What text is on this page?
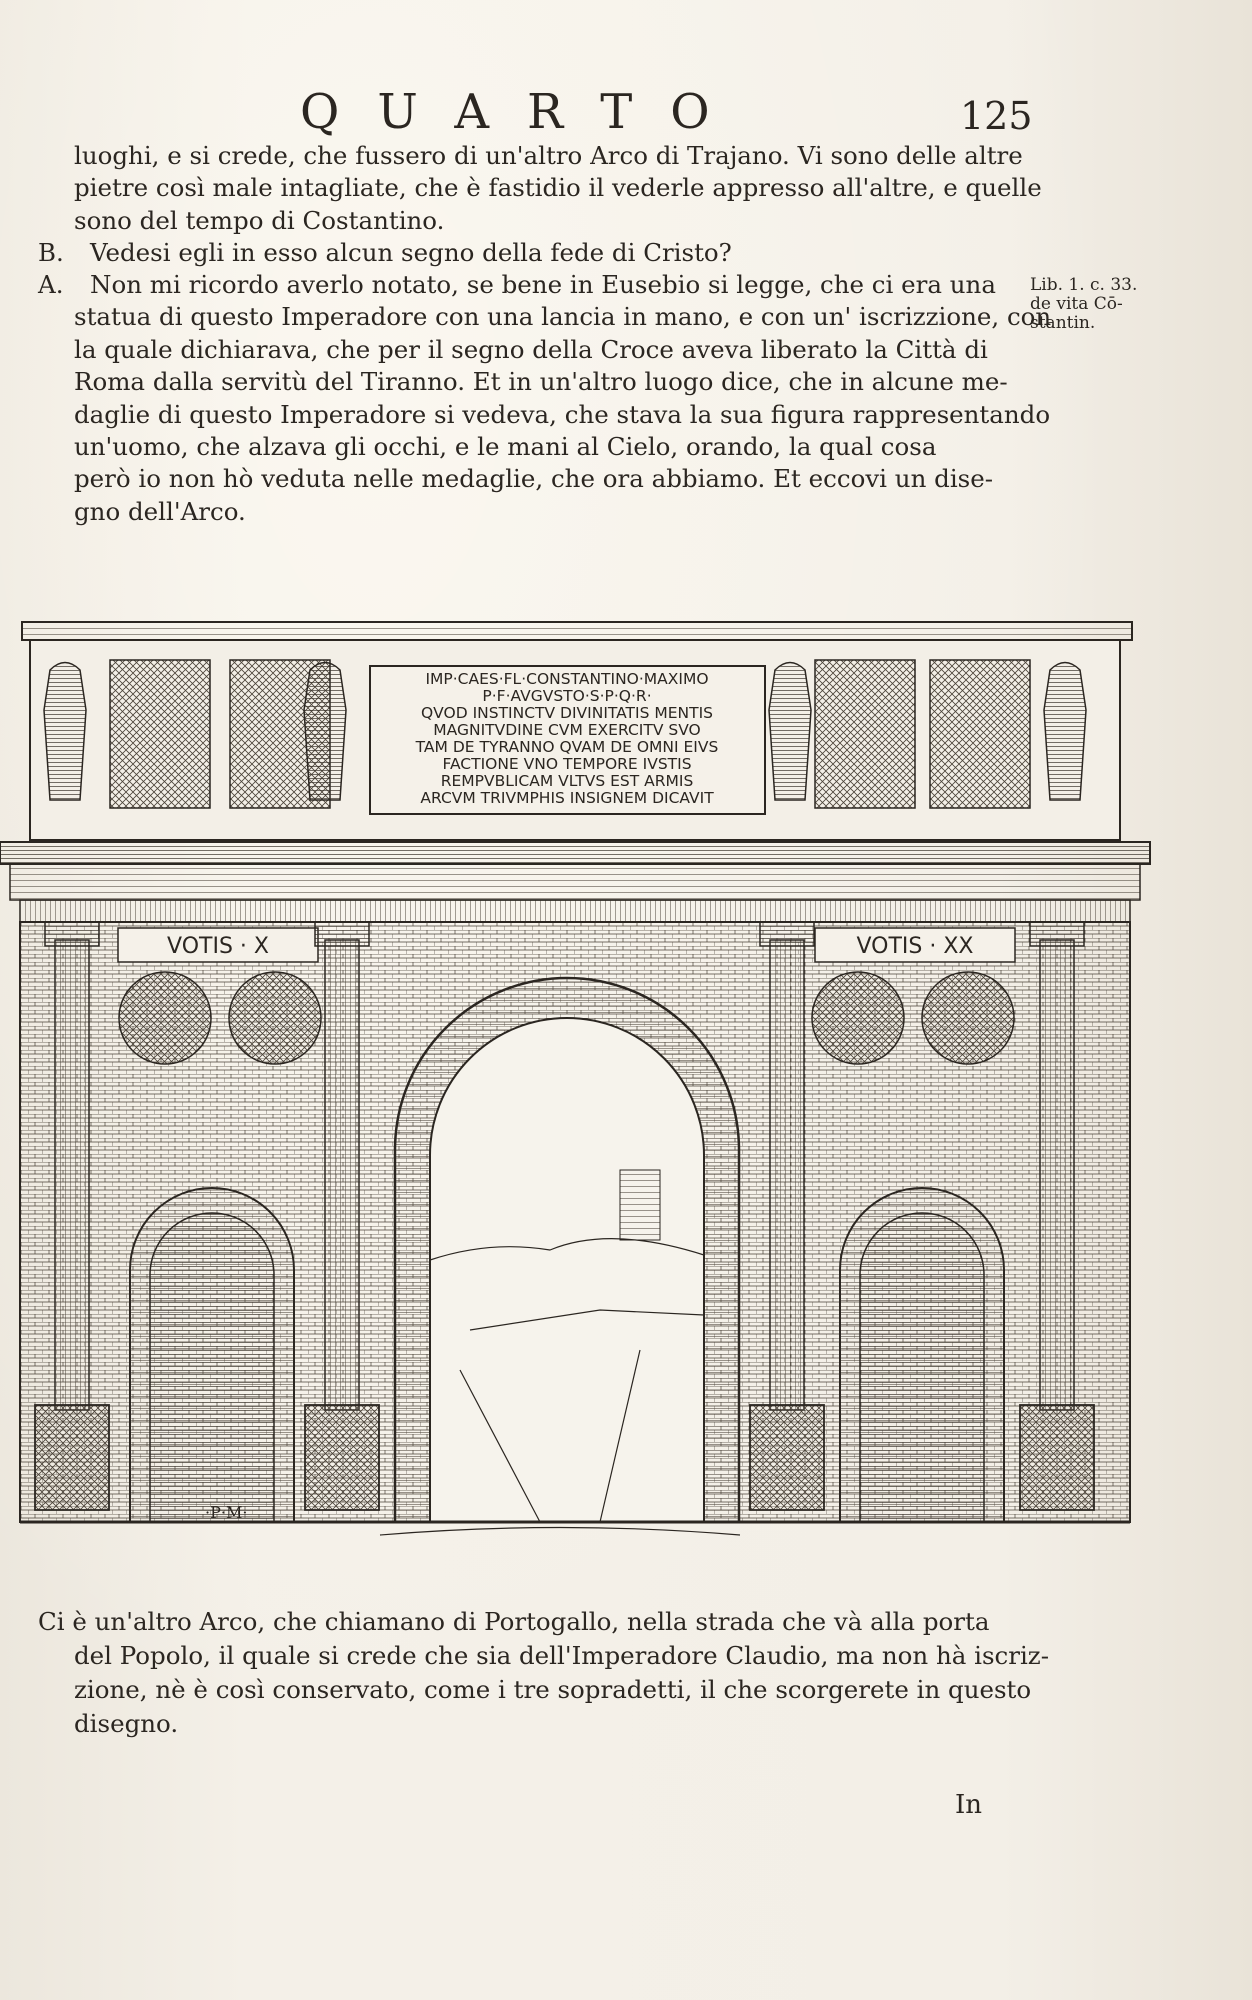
QUARTO	125
luoghi, e si crede, che fussero di un'altro Arco di Trajano. Vi sono delle altre
pietre così male intagliate, che è fastidio il vederle appresso all'altre, e quelle
sono del tempo di Costantino.
B. Vedesi egli in esso alcun segno della fede di Cristo?
A. Non mi ricordo averlo notato, se bene in Eusebio si legge, che ci era una
statua di questo Imperadore con una lancia in mano, e con un' iscrizzione, con
la quale dichiarava, che per il segno della Croce aveva liberato la Città di
Roma dalla servitù del Tiranno. Et in un'altro luogo dice, che in alcune me-
daglie di questo Imperadore si vedeva, che stava la sua figura rappresentando
un'uomo, che alzava gli occhi, e le mani al Cielo, orando, la qual cosa
però io non hò veduta nelle medaglie, che ora abbiamo. Et eccovi un dise-
gno dell'Arco.
Lib. 1. c. 33.
de vita Cō-
stantin.
IMP·CAES·FL·CONSTANTINO·MAXIMO
P·F·AVGVSTO·S·P·Q·R·
QVOD INSTINCTV DIVINITATIS MENTIS
MAGNITVDINE CVM EXERCITV SVO
TAM DE TYRANNO QVAM DE OMNI EIVS
FACTIONE VNO TEMPORE IVSTIS
REMPVBLICAM VLTVS EST ARMIS
ARCVM TRIVMPHIS INSIGNEM DICAVIT
VOTIS · X	VOTIS · XX
·P·M·
Ci è un'altro Arco, che chiamano di Portogallo, nella strada che và alla porta
del Popolo, il quale si crede che sia dell'Imperadore Claudio, ma non hà iscriz-
zione, nè è così conservato, come i tre sopradetti, il che scorgerete in questo
disegno.
In
